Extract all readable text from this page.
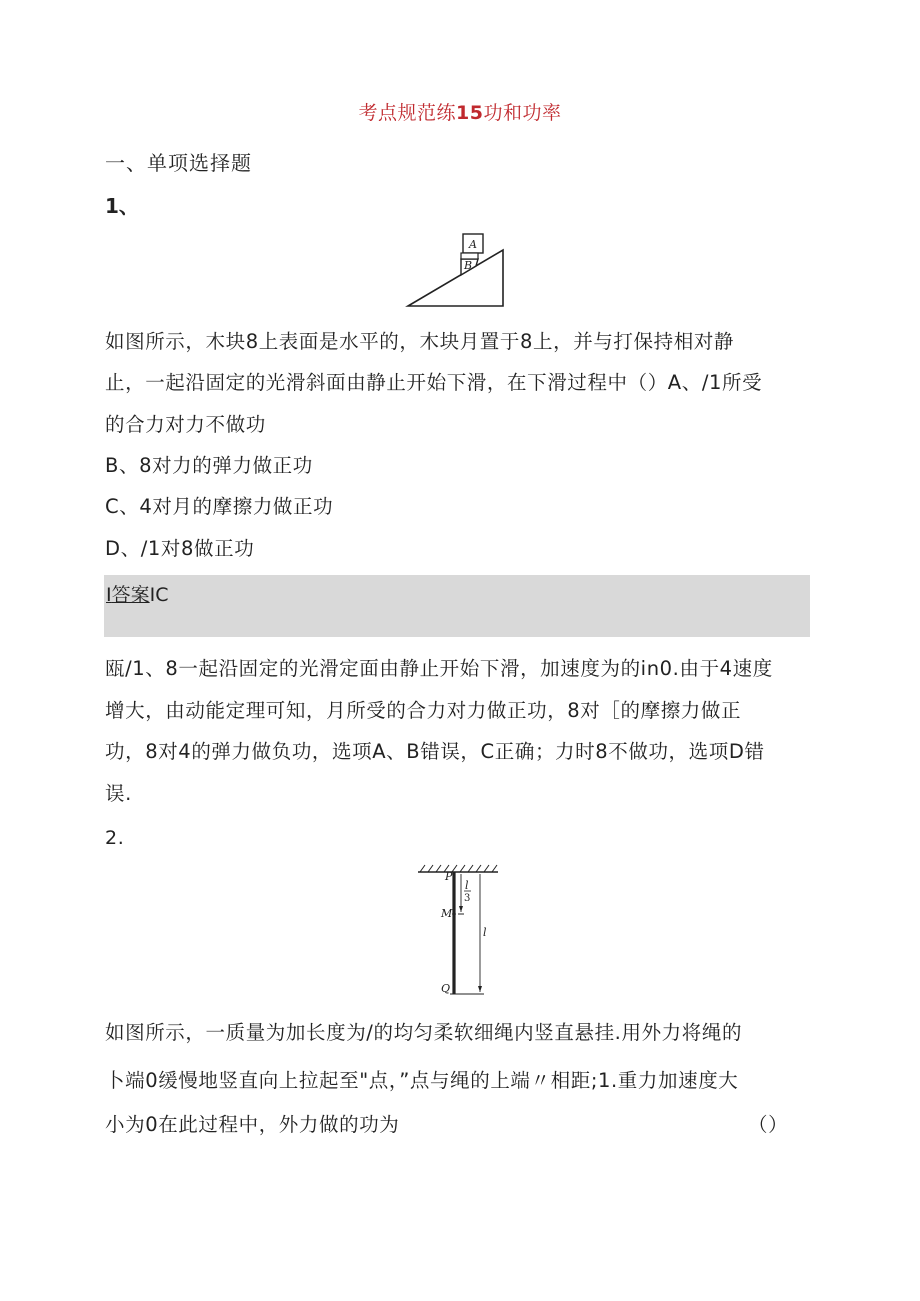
考点规范练15功和功率
一、单项选择题
1、
A
B
如图所示，木块8上表面是水平的，木块月置于8上，并与打保持相对静
止，一起沿固定的光滑斜面由静止开始下滑，在下滑过程中（）A、/1所受
的合力对力不做功
B、8对力的弹力做正功
C、4对月的摩擦力做正功
D、/1对8做正功
I答案IC
瓯/1、8一起沿固定的光滑定面由静止开始下滑，加速度为的in0.由于4速度
增大，由动能定理可知，月所受的合力对力做正功，8对［的摩擦力做正
功，8对4的弹力做负功，选项A、B错误，C正确；力时8不做功，选项D错
误.
2.
P
M
Q
l
3
l
如图所示，一质量为加长度为/的均匀柔软细绳内竖直悬挂.用外力将绳的
卜端0缓慢地竖直向上拉起至"点，”点与绳的上端〃相距;1.重力加速度大
小为0在此过程中，外力做的功为	（）
